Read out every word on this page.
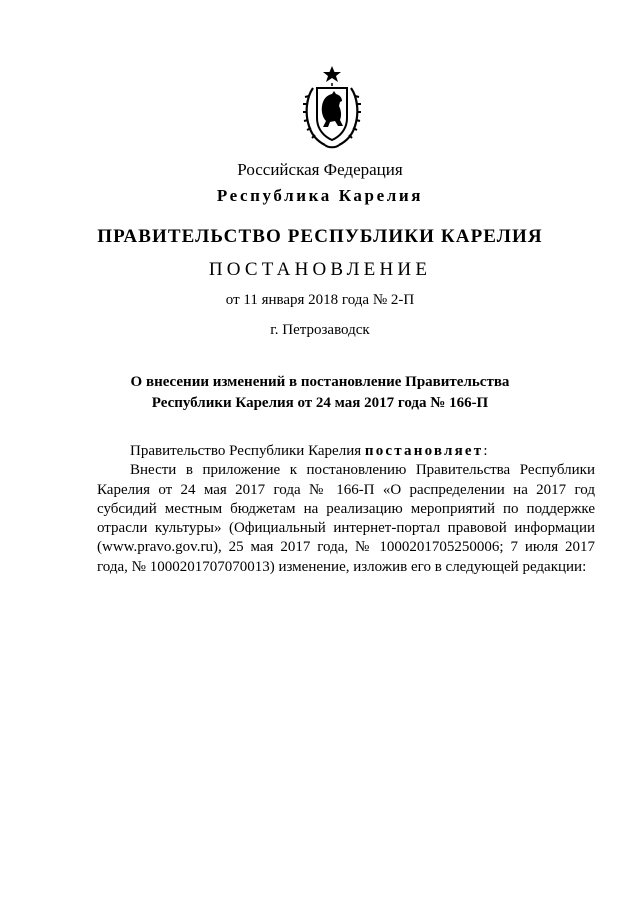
Российская Федерация
Республика Карелия
ПРАВИТЕЛЬСТВО РЕСПУБЛИКИ КАРЕЛИЯ
ПОСТАНОВЛЕНИЕ
от 11 января 2018 года № 2-П
г. Петрозаводск
О внесении изменений в постановление Правительства
Республики Карелия от 24 мая 2017 года № 166-П

Правительство Республики Карелия постановляет:

Внести в приложение к постановлению Правительства Республики Карелия от 24 мая 2017 года № 166-П «О распределении на 2017 год субсидий местным бюджетам на реализацию мероприятий по поддержке отрасли культуры» (Официальный интернет-портал правовой информации (www.pravo.gov.ru), 25 мая 2017 года, № 1000201705250006; 7 июля 2017 года, № 1000201707070013) изменение, изложив его в следующей редакции:
